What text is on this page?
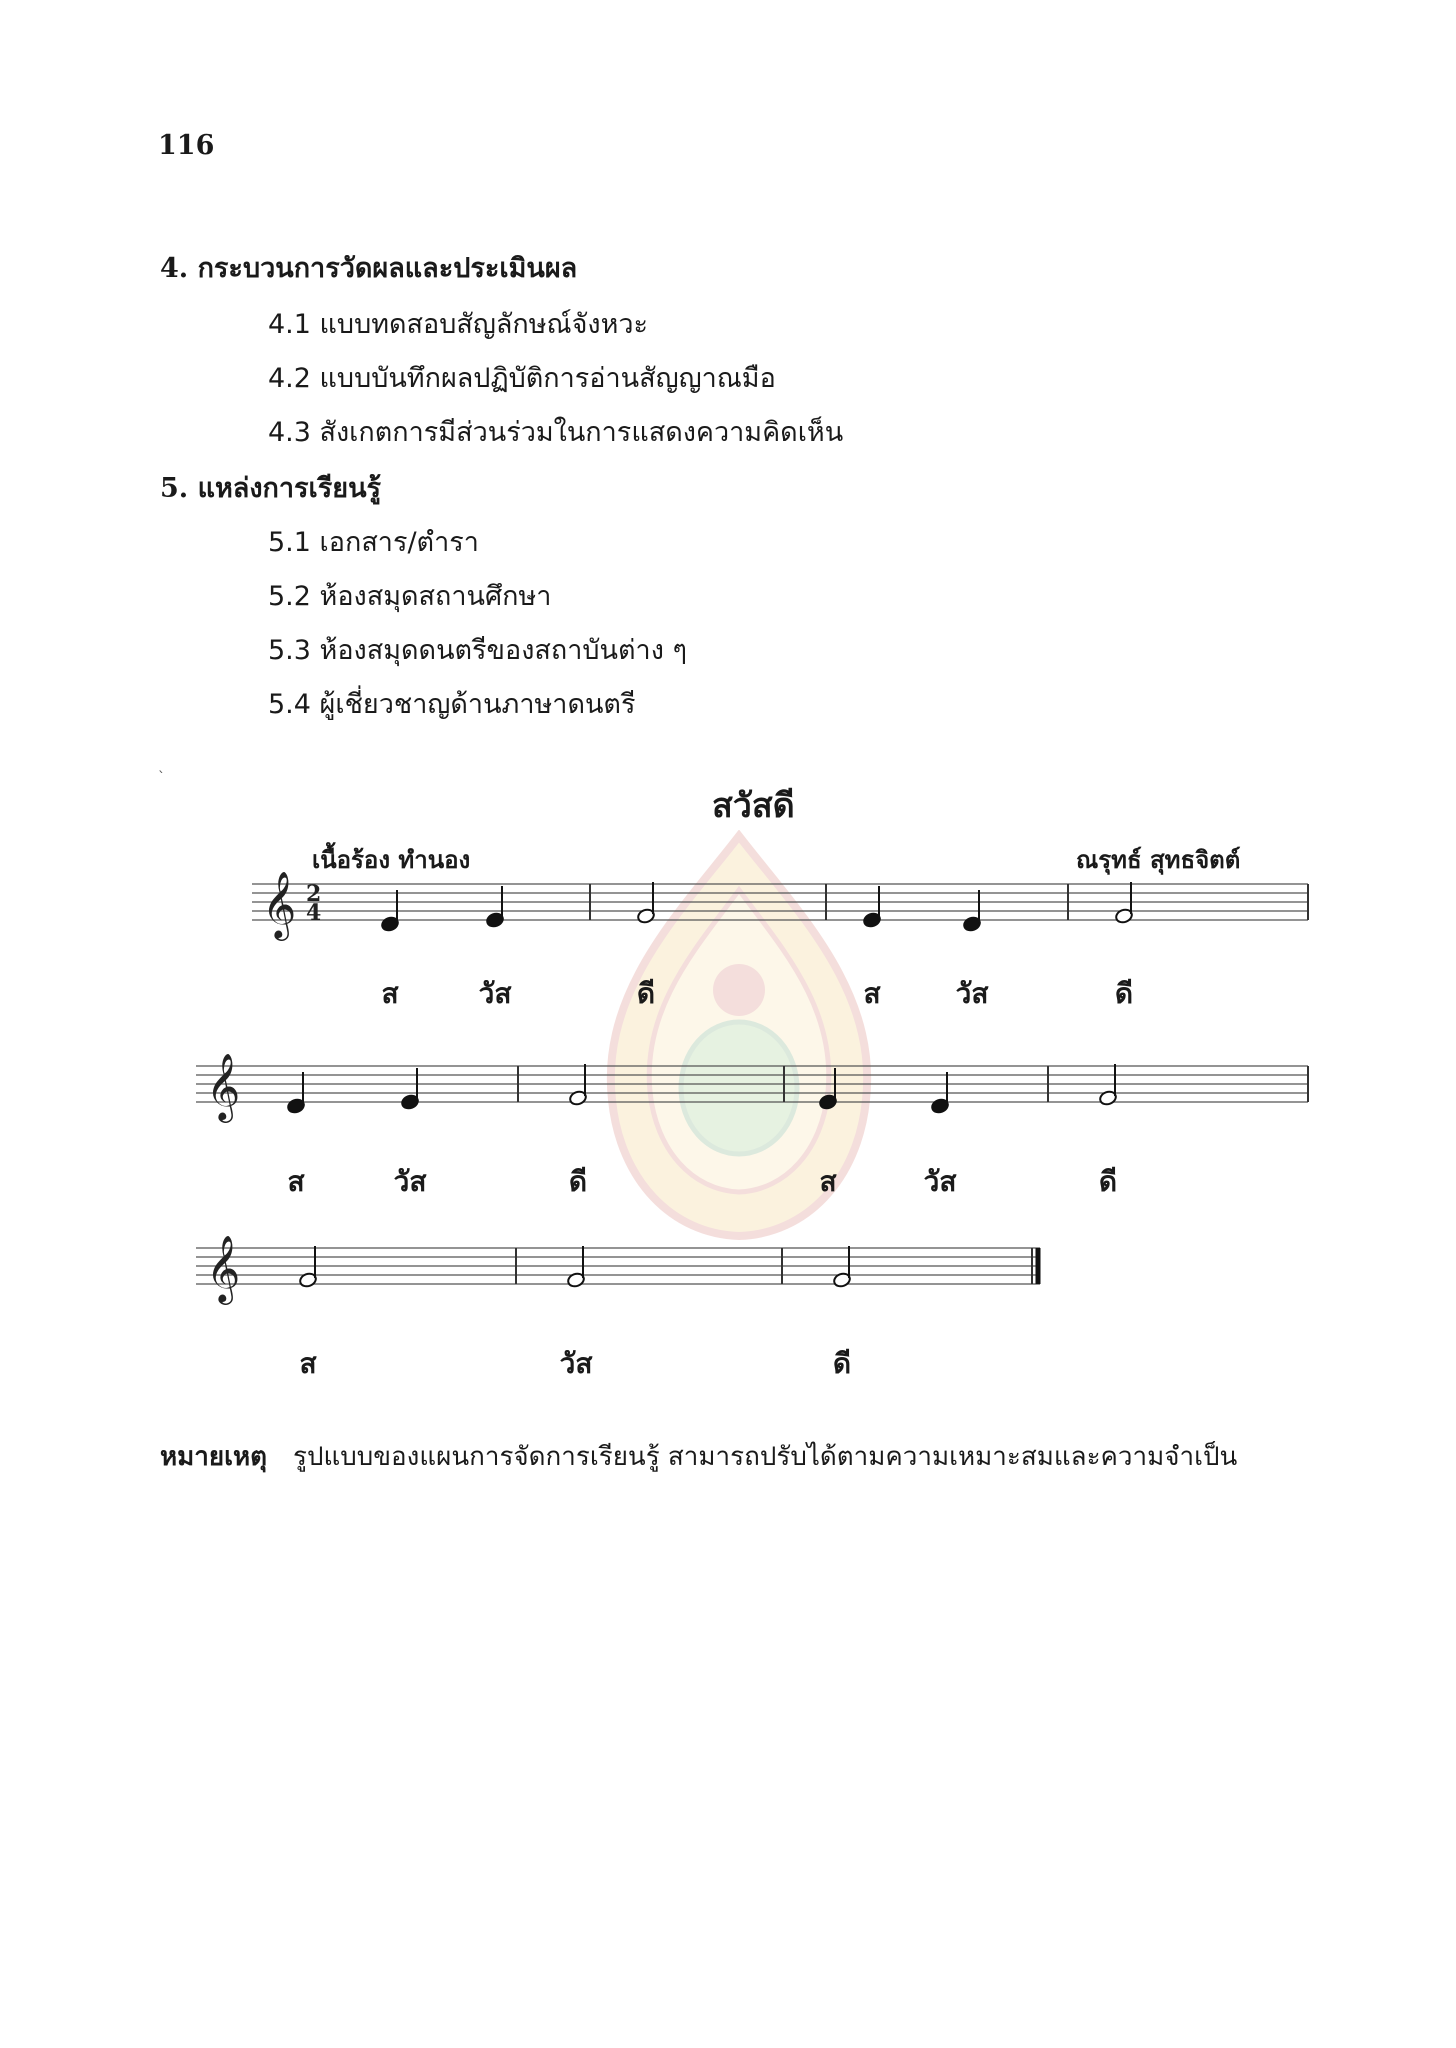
116
4. กระบวนการวัดผลและประเมินผล
4.1 แบบทดสอบสัญลักษณ์จังหวะ
4.2 แบบบันทึกผลปฏิบัติการอ่านสัญญาณมือ
4.3 สังเกตการมีส่วนร่วมในการแสดงความคิดเห็น
5. แหล่งการเรียนรู้
5.1 เอกสาร/ตำรา
5.2 ห้องสมุดสถานศึกษา
5.3 ห้องสมุดดนตรีของสถาบันต่าง ๆ
5.4 ผู้เชี่ยวชาญด้านภาษาดนตรี
`
สวัสดี
เนื้อร้อง ทำนอง	ณรุทธ์ สุทธจิตต์
𝄞 2
4
𝄞
𝄞
ส	วัส	ดี	ส	วัส	ดี
ส	วัส	ดี	ส	วัส	ดี
ส	วัส	ดี
หมายเหตุ รูปแบบของแผนการจัดการเรียนรู้ สามารถปรับได้ตามความเหมาะสมและความจำเป็น
